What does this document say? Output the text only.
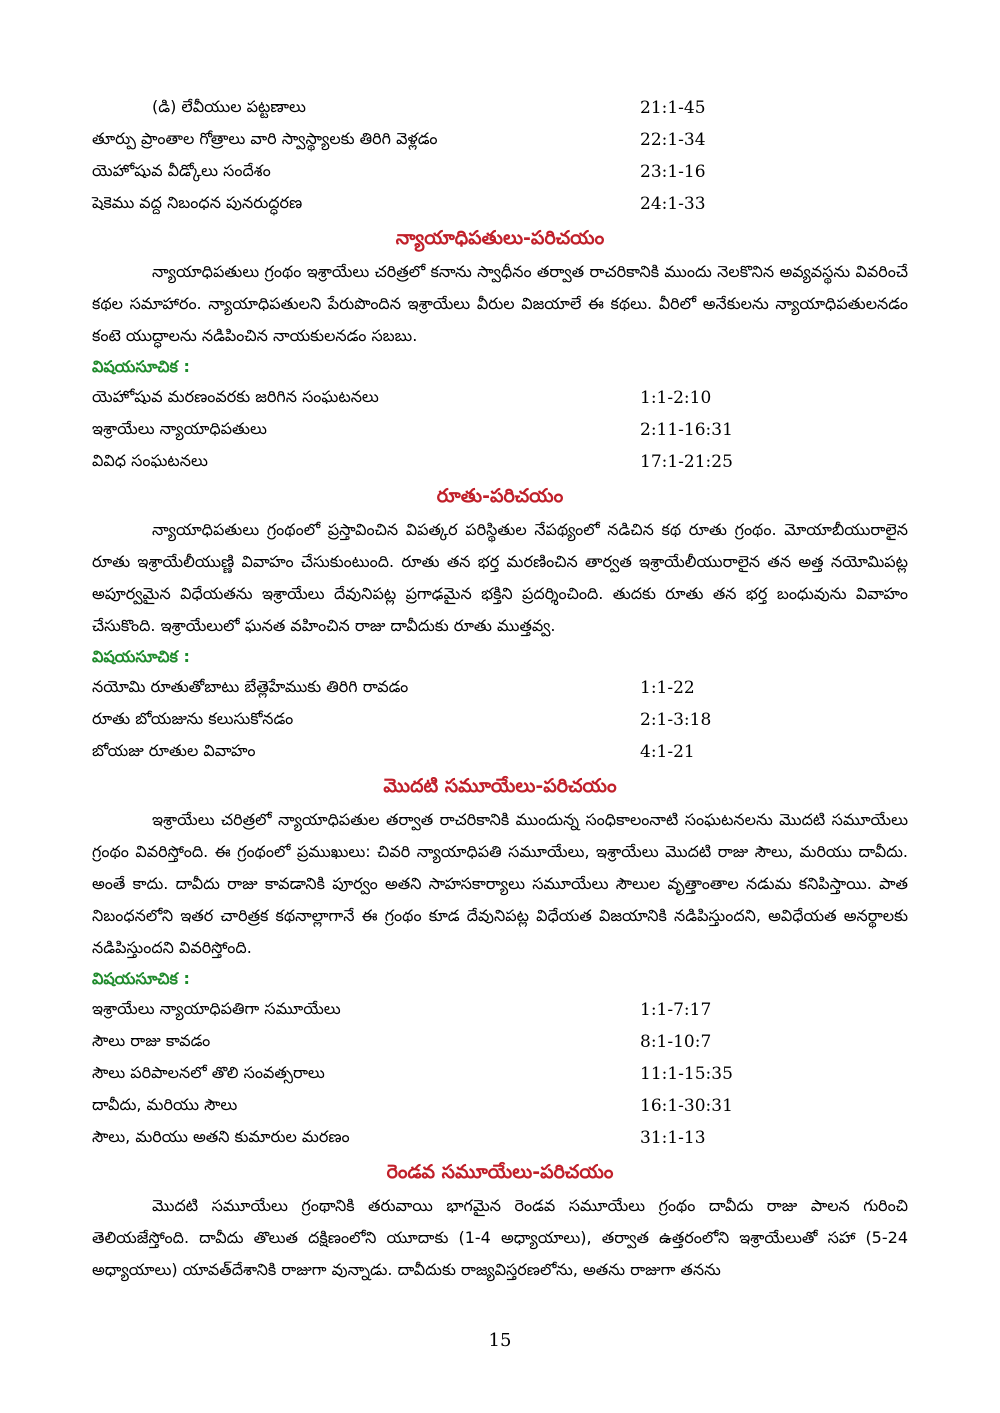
(డి) లేవీయుల పట్టణాలు	21:1-45
తూర్పు ప్రాంతాల గోత్రాలు వారి స్వాస్థ్యాలకు తిరిగి వెళ్లడం	22:1-34
యెహోషువ వీడ్కోలు సందేశం	23:1-16
షెకెము వద్ద నిబంధన పునరుద్ధరణ	24:1-33
న్యాయాధిపతులు-పరిచయం

న్యాయాధిపతులు గ్రంథం ఇశ్రాయేలు చరిత్రలో కనాను స్వాధీనం తర్వాత రాచరికానికి ముందు నెలకొనిన అవ్యవస్థను వివరించే కథల సమాహారం. న్యాయాధిపతులని పేరుపొందిన ఇశ్రాయేలు వీరుల విజయాలే ఈ కథలు. వీరిలో అనేకులను న్యాయాధిపతులనడం కంటె యుద్ధాలను నడిపించిన నాయకులనడం సబబు.

విషయసూచిక :
యెహోషువ మరణంవరకు జరిగిన సంఘటనలు	1:1-2:10
ఇశ్రాయేలు న్యాయాధిపతులు	2:11-16:31
వివిధ సంఘటనలు	17:1-21:25
రూతు-పరిచయం

న్యాయాధిపతులు గ్రంథంలో ప్రస్తావించిన విపత్కర పరిస్థితుల నేపథ్యంలో నడిచిన కథ రూతు గ్రంథం. మోయాబీయురాలైన రూతు ఇశ్రాయేలీయుణ్ణి వివాహం చేసుకుంటుంది. రూతు తన భర్త మరణించిన తార్వత ఇశ్రాయేలీయురాలైన తన అత్త నయోమిపట్ల అపూర్వమైన విధేయతను ఇశ్రాయేలు దేవునిపట్ల ప్రగాఢమైన భక్తిని ప్రదర్శించింది. తుదకు రూతు తన భర్త బంధువును వివాహం చేసుకొంది. ఇశ్రాయేలులో ఘనత వహించిన రాజు దావీదుకు రూతు ముత్తవ్వ.

విషయసూచిక :
నయోమి రూతుతోబాటు బేత్లెహేముకు తిరిగి రావడం	1:1-22
రూతు బోయజును కలుసుకోనడం	2:1-3:18
బోయజు రూతుల వివాహం	4:1-21
మొదటి సమూయేలు-పరిచయం

ఇశ్రాయేలు చరిత్రలో న్యాయాధిపతుల తర్వాత రాచరికానికి ముందున్న సంధికాలంనాటి సంఘటనలను మొదటి సమూయేలు గ్రంథం వివరిస్తోంది. ఈ గ్రంథంలో ప్రముఖులు: చివరి న్యాయాధిపతి సమూయేలు, ఇశ్రాయేలు మొదటి రాజు సౌలు, మరియు దావీదు. అంతే కాదు. దావీదు రాజు కావడానికి పూర్వం అతని సాహసకార్యాలు సమూయేలు సౌలుల వృత్తాంతాల నడుమ కనిపిస్తాయి. పాత నిబంధనలోని ఇతర చారిత్రక కథనాల్లాగానే ఈ గ్రంథం కూడ దేవునిపట్ల విధేయత విజయానికి నడిపిస్తుందని, అవిధేయత అనర్థాలకు నడిపిస్తుందని వివరిస్తోంది.

విషయసూచిక :
ఇశ్రాయేలు న్యాయాధిపతిగా సమూయేలు	1:1-7:17
సౌలు రాజు కావడం	8:1-10:7
సౌలు పరిపాలనలో తొలి సంవత్సరాలు	11:1-15:35
దావీదు, మరియు సౌలు	16:1-30:31
సౌలు, మరియు అతని కుమారుల మరణం	31:1-13
రెండవ సమూయేలు-పరిచయం

మొదటి సమూయేలు గ్రంథానికి తరువాయి భాగమైన రెండవ సమూయేలు గ్రంథం దావీదు రాజు పాలన గురించి తెలియజేస్తోంది. దావీదు తొలుత దక్షిణంలోని యూదాకు (1-4 అధ్యాయాలు), తర్వాత ఉత్తరంలోని ఇశ్రాయేలుతో సహా (5-24 అధ్యాయాలు) యావత్‌దేశానికి రాజుగా వున్నాడు. దావీదుకు రాజ్యవిస్తరణలోను, అతను రాజుగా తనను

15
